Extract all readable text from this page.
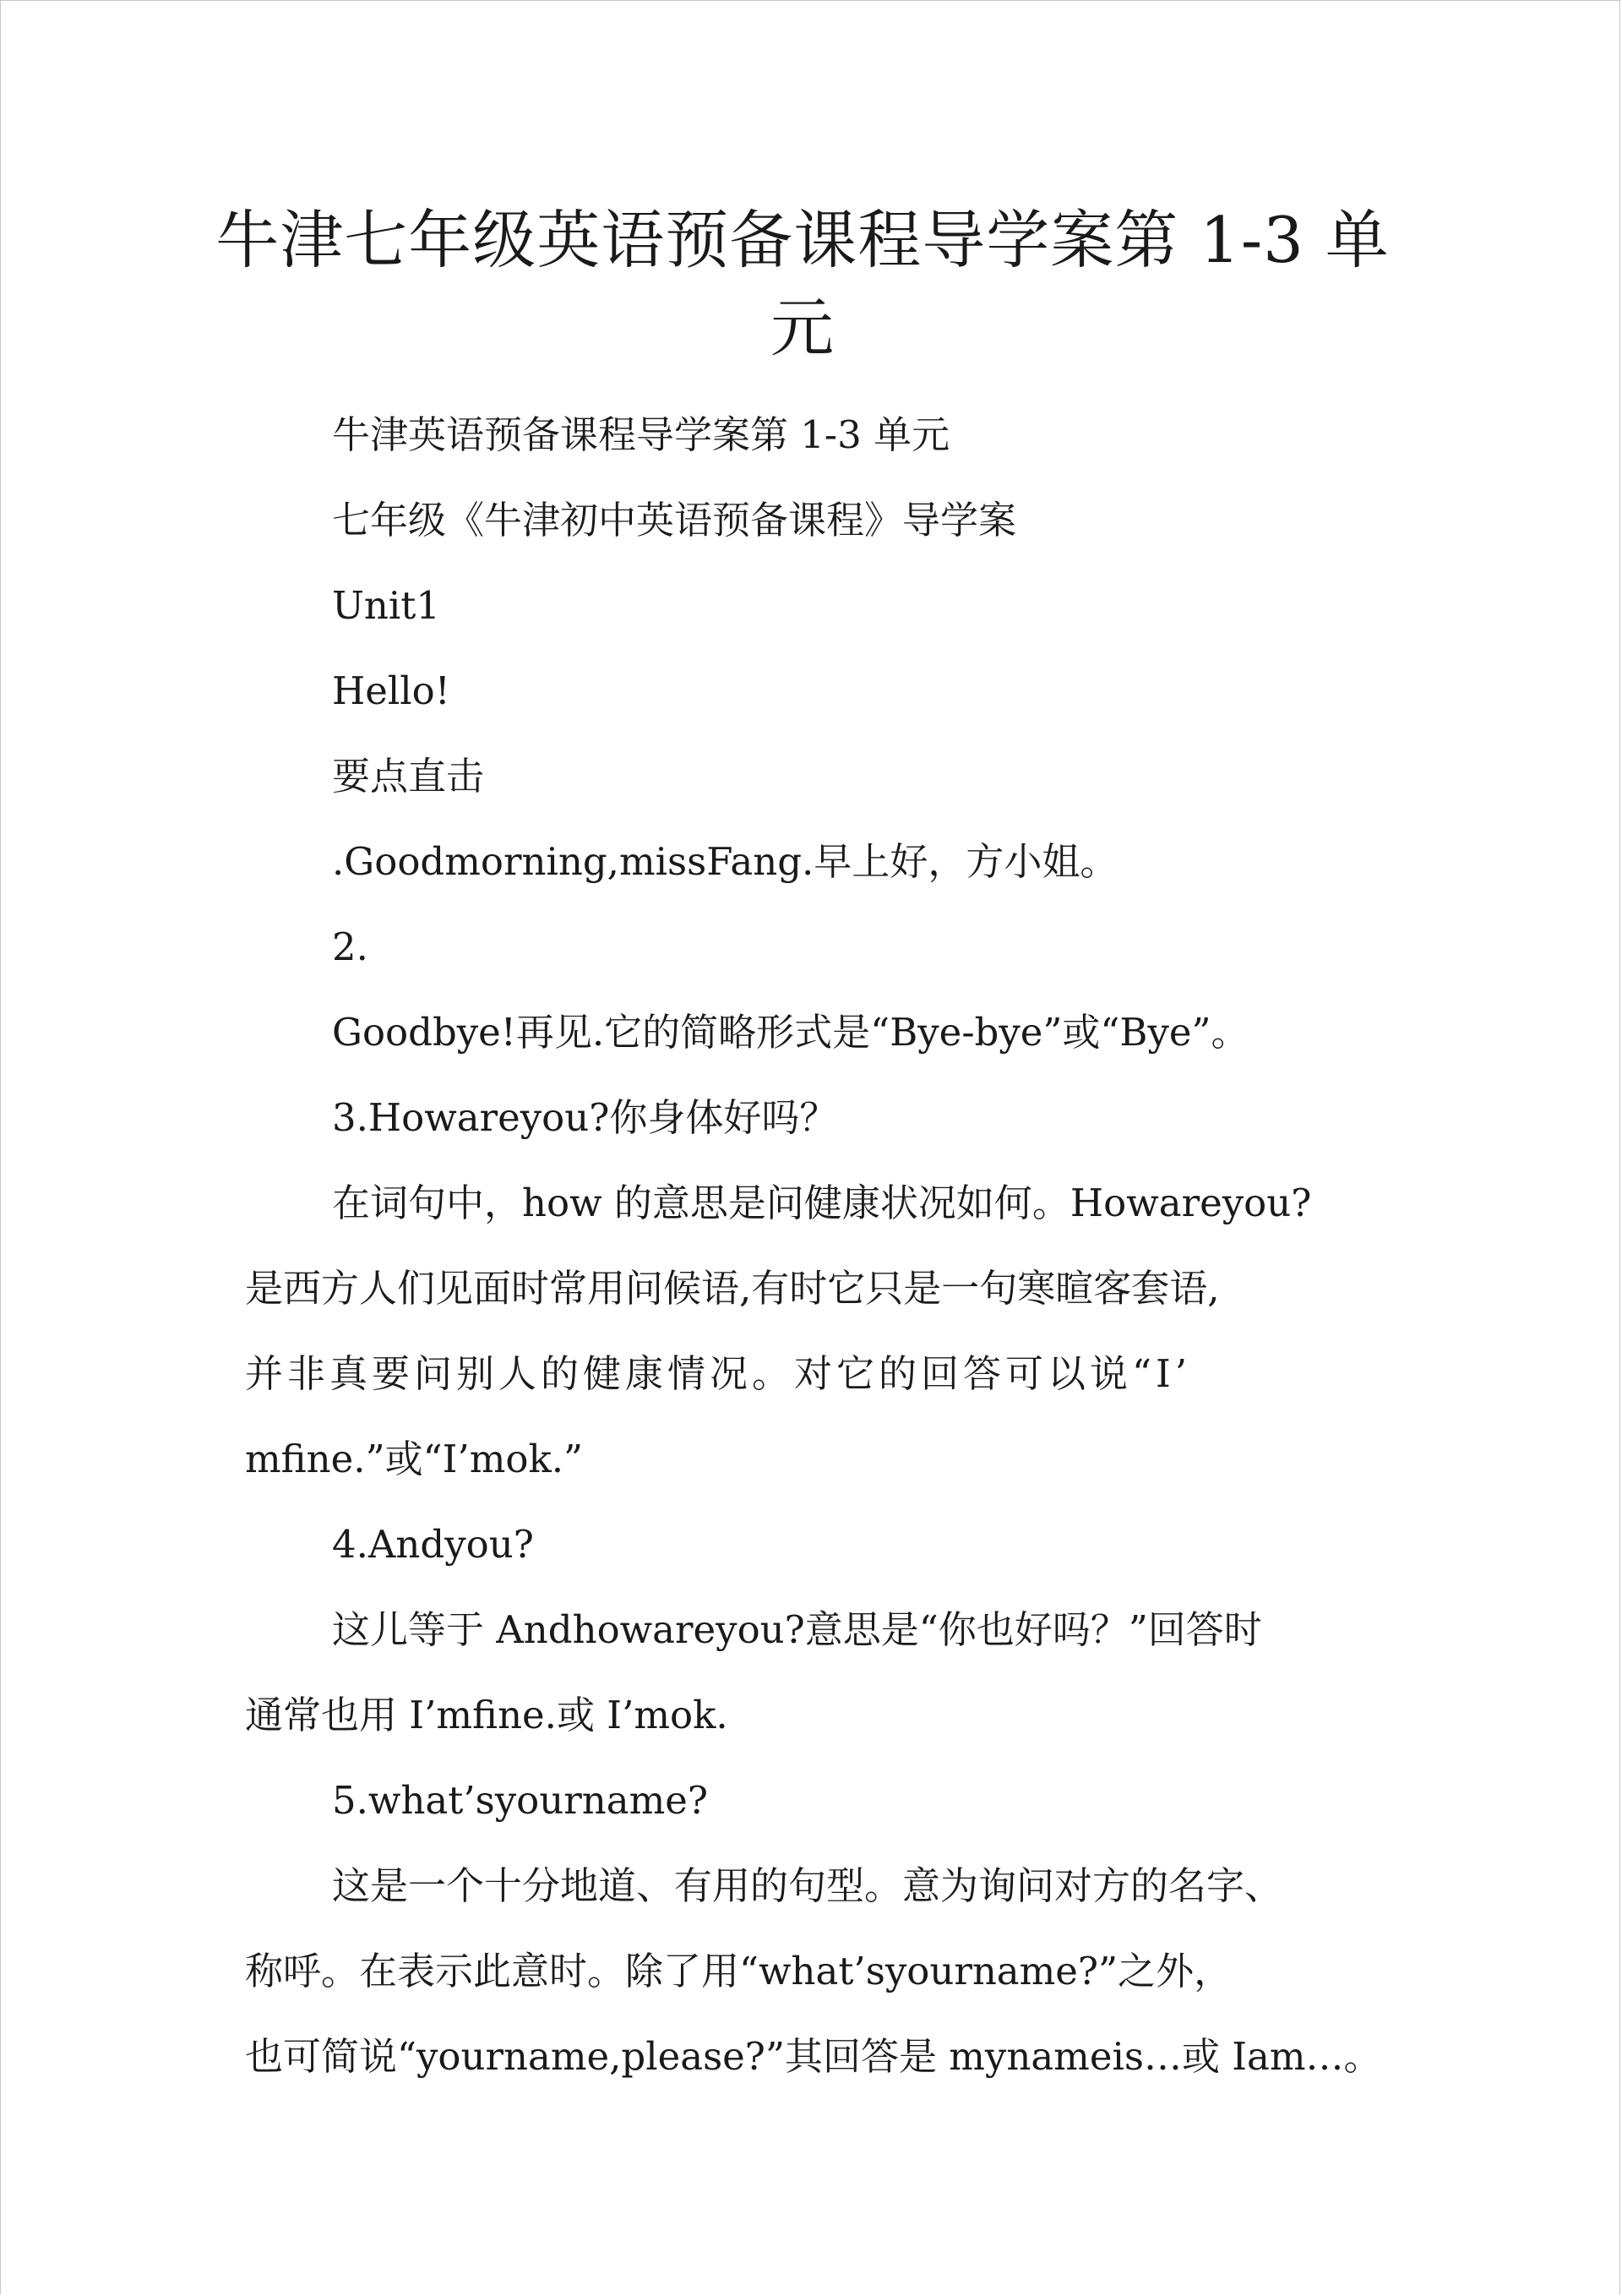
牛津七年级英语预备课程导学案第 1-3 单元

牛津英语预备课程导学案第 1-3 单元

七年级《牛津初中英语预备课程》导学案

Unit1

Hello!

要点直击

.Goodmorning,missFang.早上好，方小姐。

2.

Goodbye!再见.它的简略形式是“Bye-bye”或“Bye”。

3.Howareyou?你身体好吗？

在词句中，how 的意思是问健康状况如何。Howareyou?

是西方人们见面时常用问候语,有时它只是一句寒暄客套语,

并非真要问别人的健康情况。对它的回答可以说“I’

mfine.”或“I’mok.”

4.Andyou?

这儿等于 Andhowareyou?意思是“你也好吗？”回答时

通常也用 I’mfine.或 I’mok.

5.what’syourname?

这是一个十分地道、有用的句型。意为询问对方的名字、

称呼。在表示此意时。除了用“what’syourname?”之外，

也可简说“yourname,please?”其回答是 mynameis…或 Iam…。
